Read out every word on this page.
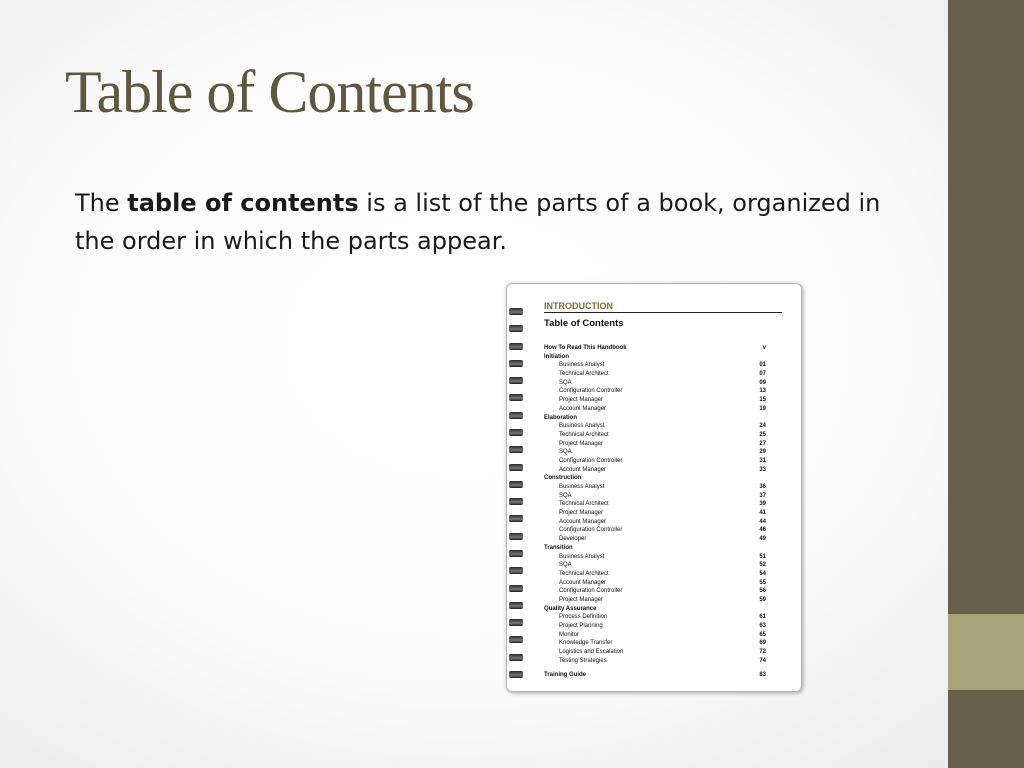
Table of Contents
The table of contents is a list of the parts of a book, organized in the order in which the parts appear.
INTRODUCTION
Table of Contents
How To Read This Handbook	v
Initiation
Business Analyst	01
Technical Architect	07
SQA	09
Configuration Controller	13
Project Manager	15
Account Manager	19
Elaboration
Business Analyst	24
Technical Architect	25
Project Manager	27
SQA	29
Configuration Controller	31
Account Manager	33
Construction
Business Analyst	36
SQA	37
Technical Architect	39
Project Manager	41
Account Manager	44
Configuration Controller	46
Developer	49
Transition
Business Analyst	51
SQA	52
Technical Architect	54
Account Manager	55
Configuration Controller	56
Project Manager	59
Quality Assurance
Process Definition	61
Project Planning	63
Monitor	65
Knowledge Transfer	69
Logistics and Escalation	72
Testing Strategies	74
Training Guide	83
